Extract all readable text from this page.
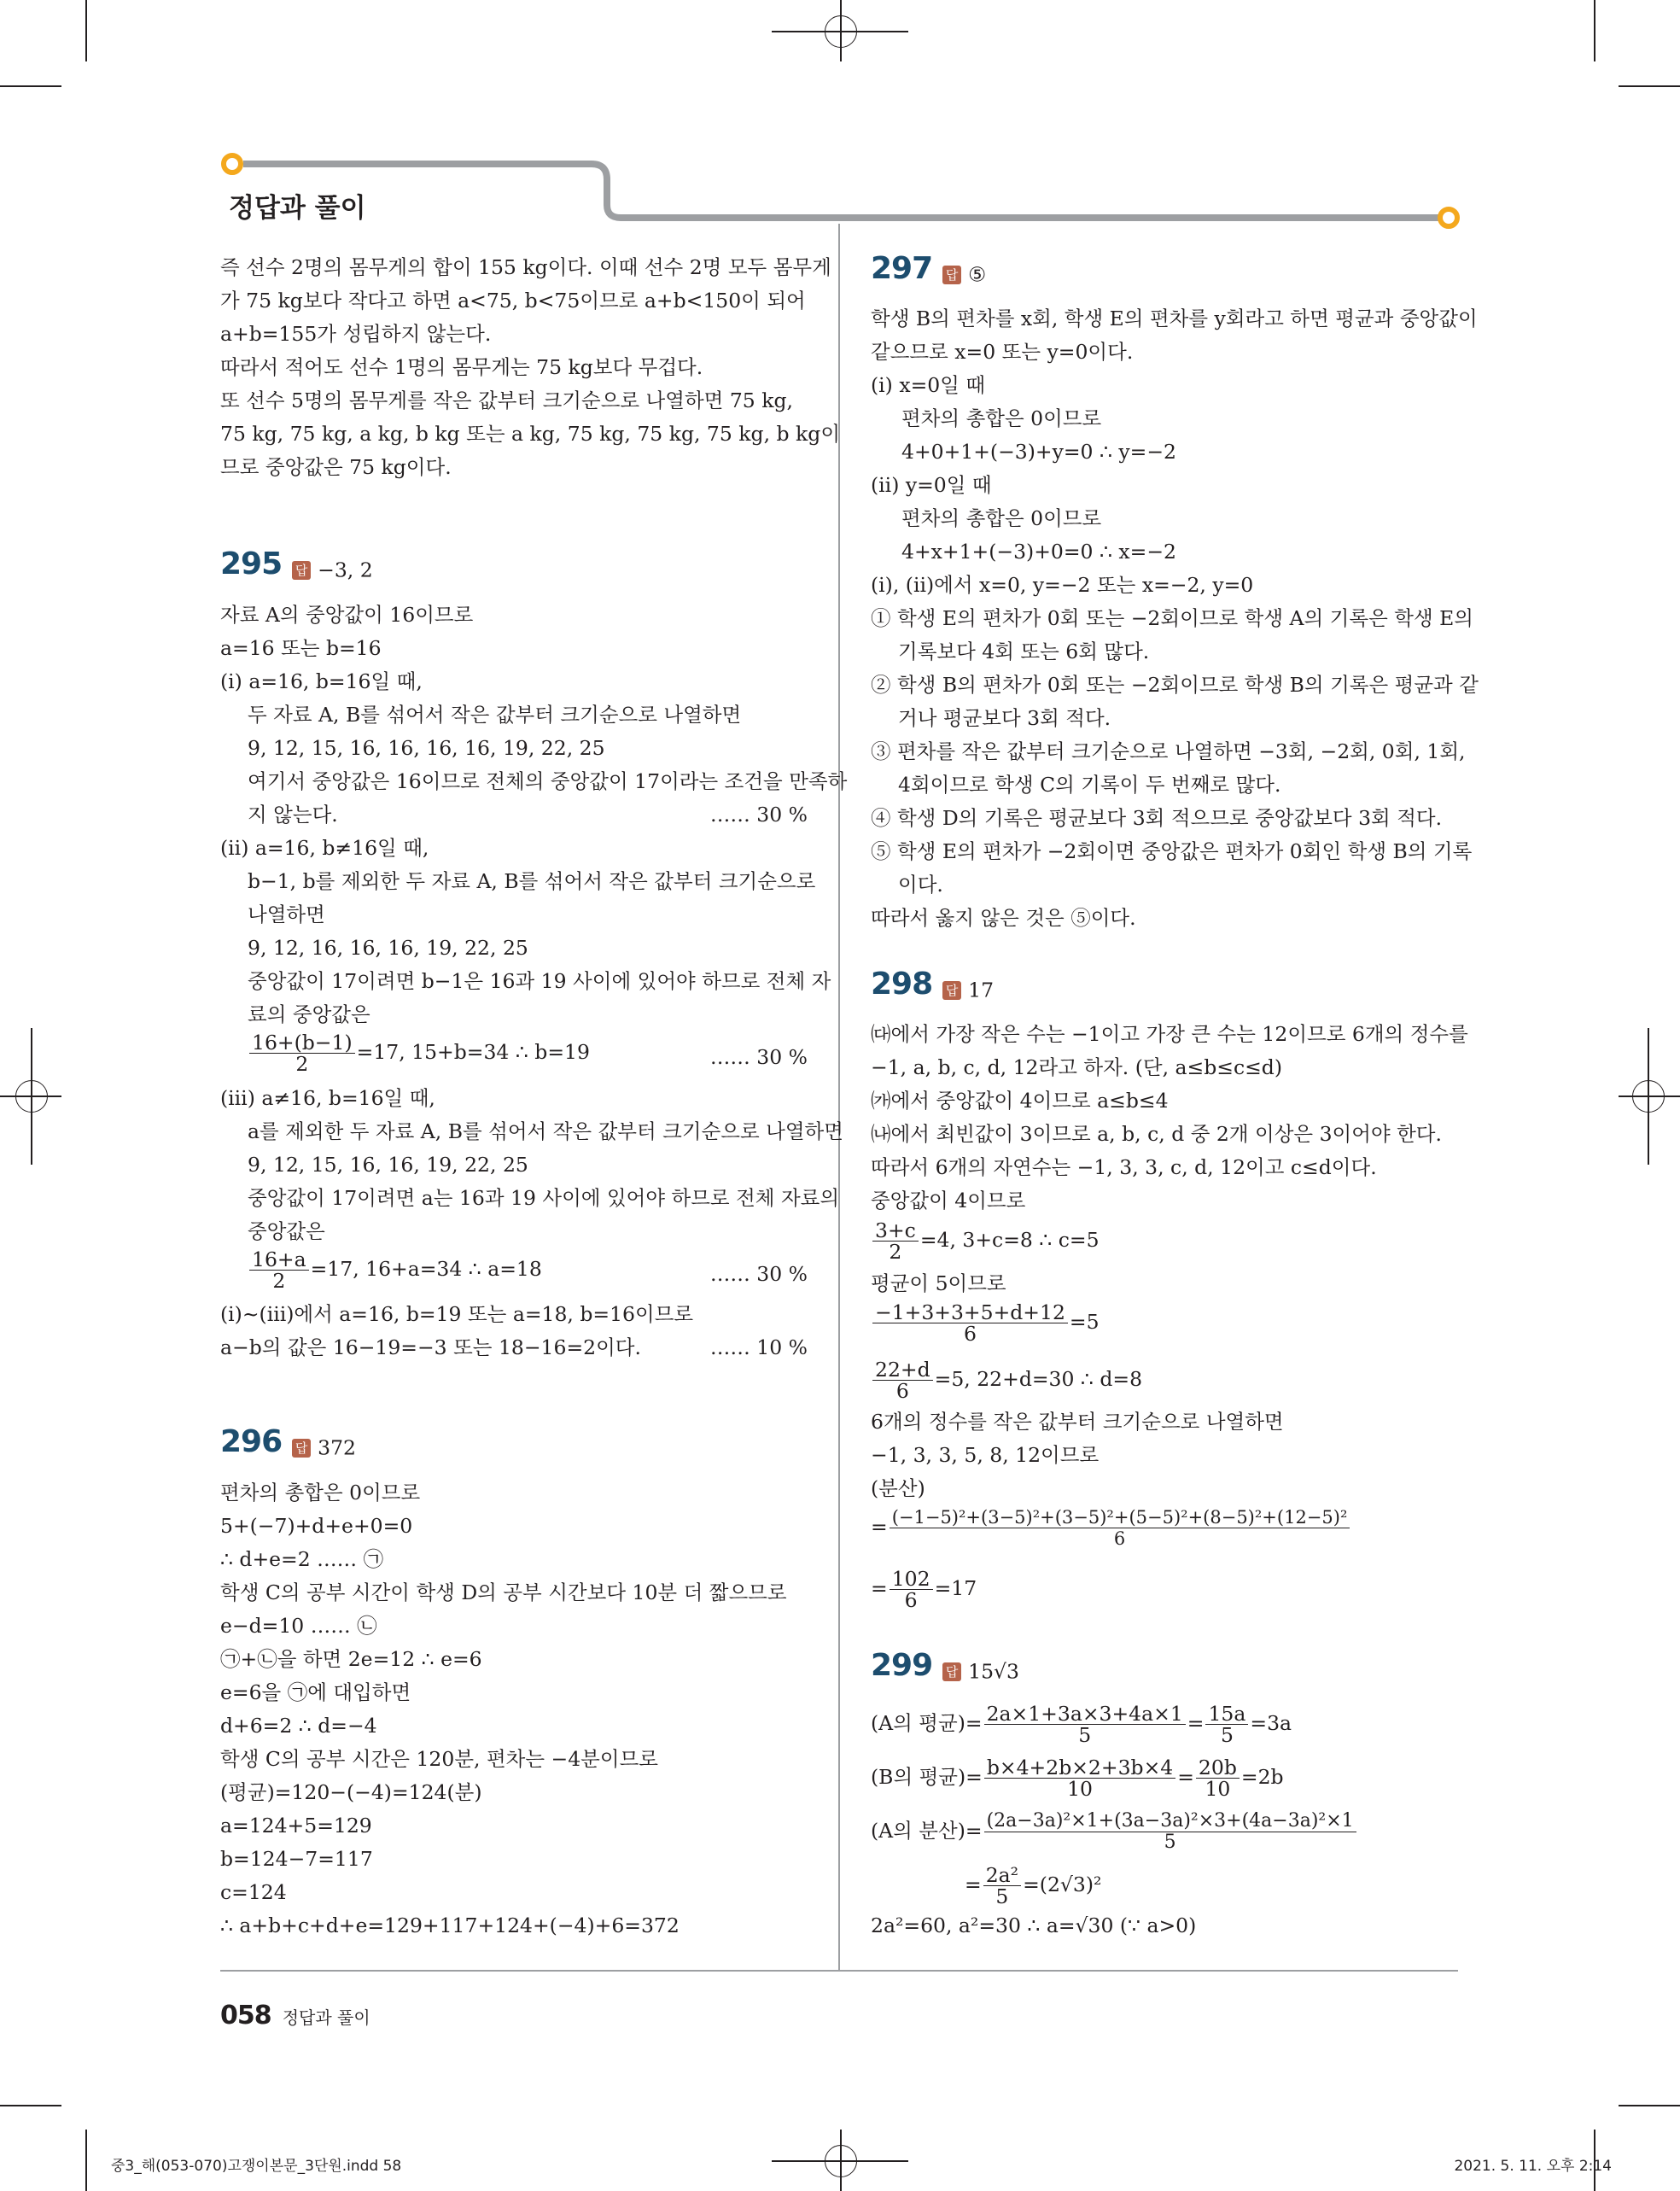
정답과 풀이
즉 선수 2명의 몸무게의 합이 155 kg이다. 이때 선수 2명 모두 몸무게
가 75 kg보다 작다고 하면 a<75, b<75이므로 a+b<150이 되어
a+b=155가 성립하지 않는다.
따라서 적어도 선수 1명의 몸무게는 75 kg보다 무겁다.
또 선수 5명의 몸무게를 작은 값부터 크기순으로 나열하면 75 kg,
75 kg, 75 kg, a kg, b kg 또는 a kg, 75 kg, 75 kg, 75 kg, b kg이
므로 중앙값은 75 kg이다.
295 답 −3, 2
자료 A의 중앙값이 16이므로
a=16 또는 b=16
(ⅰ) a=16, b=16일 때,
두 자료 A, B를 섞어서 작은 값부터 크기순으로 나열하면
9, 12, 15, 16, 16, 16, 16, 19, 22, 25
여기서 중앙값은 16이므로 전체의 중앙값이 17이라는 조건을 만족하
지 않는다.	…… 30 %
(ⅱ) a=16, b≠16일 때,
b−1, b를 제외한 두 자료 A, B를 섞어서 작은 값부터 크기순으로
나열하면
9, 12, 16, 16, 16, 19, 22, 25
중앙값이 17이려면 b−1은 16과 19 사이에 있어야 하므로 전체 자
료의 중앙값은
$\frac{16+(b-1)}{2} =17$, 15+b=34 ∴ b=19	…… 30 %
(ⅲ) a≠16, b=16일 때,
a를 제외한 두 자료 A, B를 섞어서 작은 값부터 크기순으로 나열하면
9, 12, 15, 16, 16, 19, 22, 25
중앙값이 17이려면 a는 16과 19 사이에 있어야 하므로 전체 자료의
중앙값은
$\frac{16+a}{2} =17$, 16+a=34 ∴ a=18	…… 30 %
(ⅰ)~(ⅲ)에서 a=16, b=19 또는 a=18, b=16이므로
a−b의 값은 16−19=−3 또는 18−16=2이다.	…… 10 %
296 답 372
편차의 총합은 0이므로
5+(−7)+d+e+0=0
∴ d+e=2 …… ㉠
학생 C의 공부 시간이 학생 D의 공부 시간보다 10분 더 짧으므로
e−d=10 …… ㉡
㉠+㉡을 하면 2e=12 ∴ e=6
e=6을 ㉠에 대입하면
d+6=2 ∴ d=−4
학생 C의 공부 시간은 120분, 편차는 −4분이므로
(평균)=120−(−4)=124(분)
a=124+5=129
b=124−7=117
c=124
∴ a+b+c+d+e=129+117+124+(−4)+6=372
297 답 ⑤
학생 B의 편차를 x회, 학생 E의 편차를 y회라고 하면 평균과 중앙값이
같으므로 x=0 또는 y=0이다.
(ⅰ) x=0일 때
편차의 총합은 0이므로
4+0+1+(−3)+y=0 ∴ y=−2
(ⅱ) y=0일 때
편차의 총합은 0이므로
4+x+1+(−3)+0=0 ∴ x=−2
(ⅰ), (ⅱ)에서 x=0, y=−2 또는 x=−2, y=0
① 학생 E의 편차가 0회 또는 −2회이므로 학생 A의 기록은 학생 E의
기록보다 4회 또는 6회 많다.
② 학생 B의 편차가 0회 또는 −2회이므로 학생 B의 기록은 평균과 같
거나 평균보다 3회 적다.
③ 편차를 작은 값부터 크기순으로 나열하면 −3회, −2회, 0회, 1회,
4회이므로 학생 C의 기록이 두 번째로 많다.
④ 학생 D의 기록은 평균보다 3회 적으므로 중앙값보다 3회 적다.
⑤ 학생 E의 편차가 −2회이면 중앙값은 편차가 0회인 학생 B의 기록
이다.
따라서 옳지 않은 것은 ⑤이다.
298 답 17
㈐에서 가장 작은 수는 −1이고 가장 큰 수는 12이므로 6개의 정수를
−1, a, b, c, d, 12라고 하자. (단, a≤b≤c≤d)
㈎에서 중앙값이 4이므로 a≤b≤4
㈏에서 최빈값이 3이므로 a, b, c, d 중 2개 이상은 3이어야 한다.
따라서 6개의 자연수는 −1, 3, 3, c, d, 12이고 c≤d이다.
중앙값이 4이므로
$\frac{3+c}{2} =4$, 3+c=8 ∴ c=5
평균이 5이므로
$\frac{-1+3+3+5+d+12}{6} =5$
$\frac{22+d}{6} =5$, 22+d=30 ∴ d=8
6개의 정수를 작은 값부터 크기순으로 나열하면
−1, 3, 3, 5, 8, 12이므로
(분산)
= $\frac{\text{(−1−5)²+(3−5)²+(3−5)²+(5−5)²+(8−5)²+(12−5)²}}{6}$
= $\frac{102}{6} =17$
299 답 15√3
(A의 평균)= $\frac{2a\times 1+3a\times 3+4a\times 1}{5} = \frac{15a}{5} =3a$
(B의 평균)= $\frac{b\times 4+2b\times 2+3b\times 4}{10} = \frac{20b}{10} =2b$
(A의 분산)= $\frac{\text{(2a−3a)²×1+(3a−3a)²×3+(4a−3a)²×1}}{5}$
= $\frac{\text{2a²}}{5} =(2√3)^2$
2a²=60, a²=30 ∴ a=√30 (∵ a>0)
058 정답과 풀이
중3_해(053-070)고쟁이본문_3단원.indd 58	2021. 5. 11. 오후 2:14
